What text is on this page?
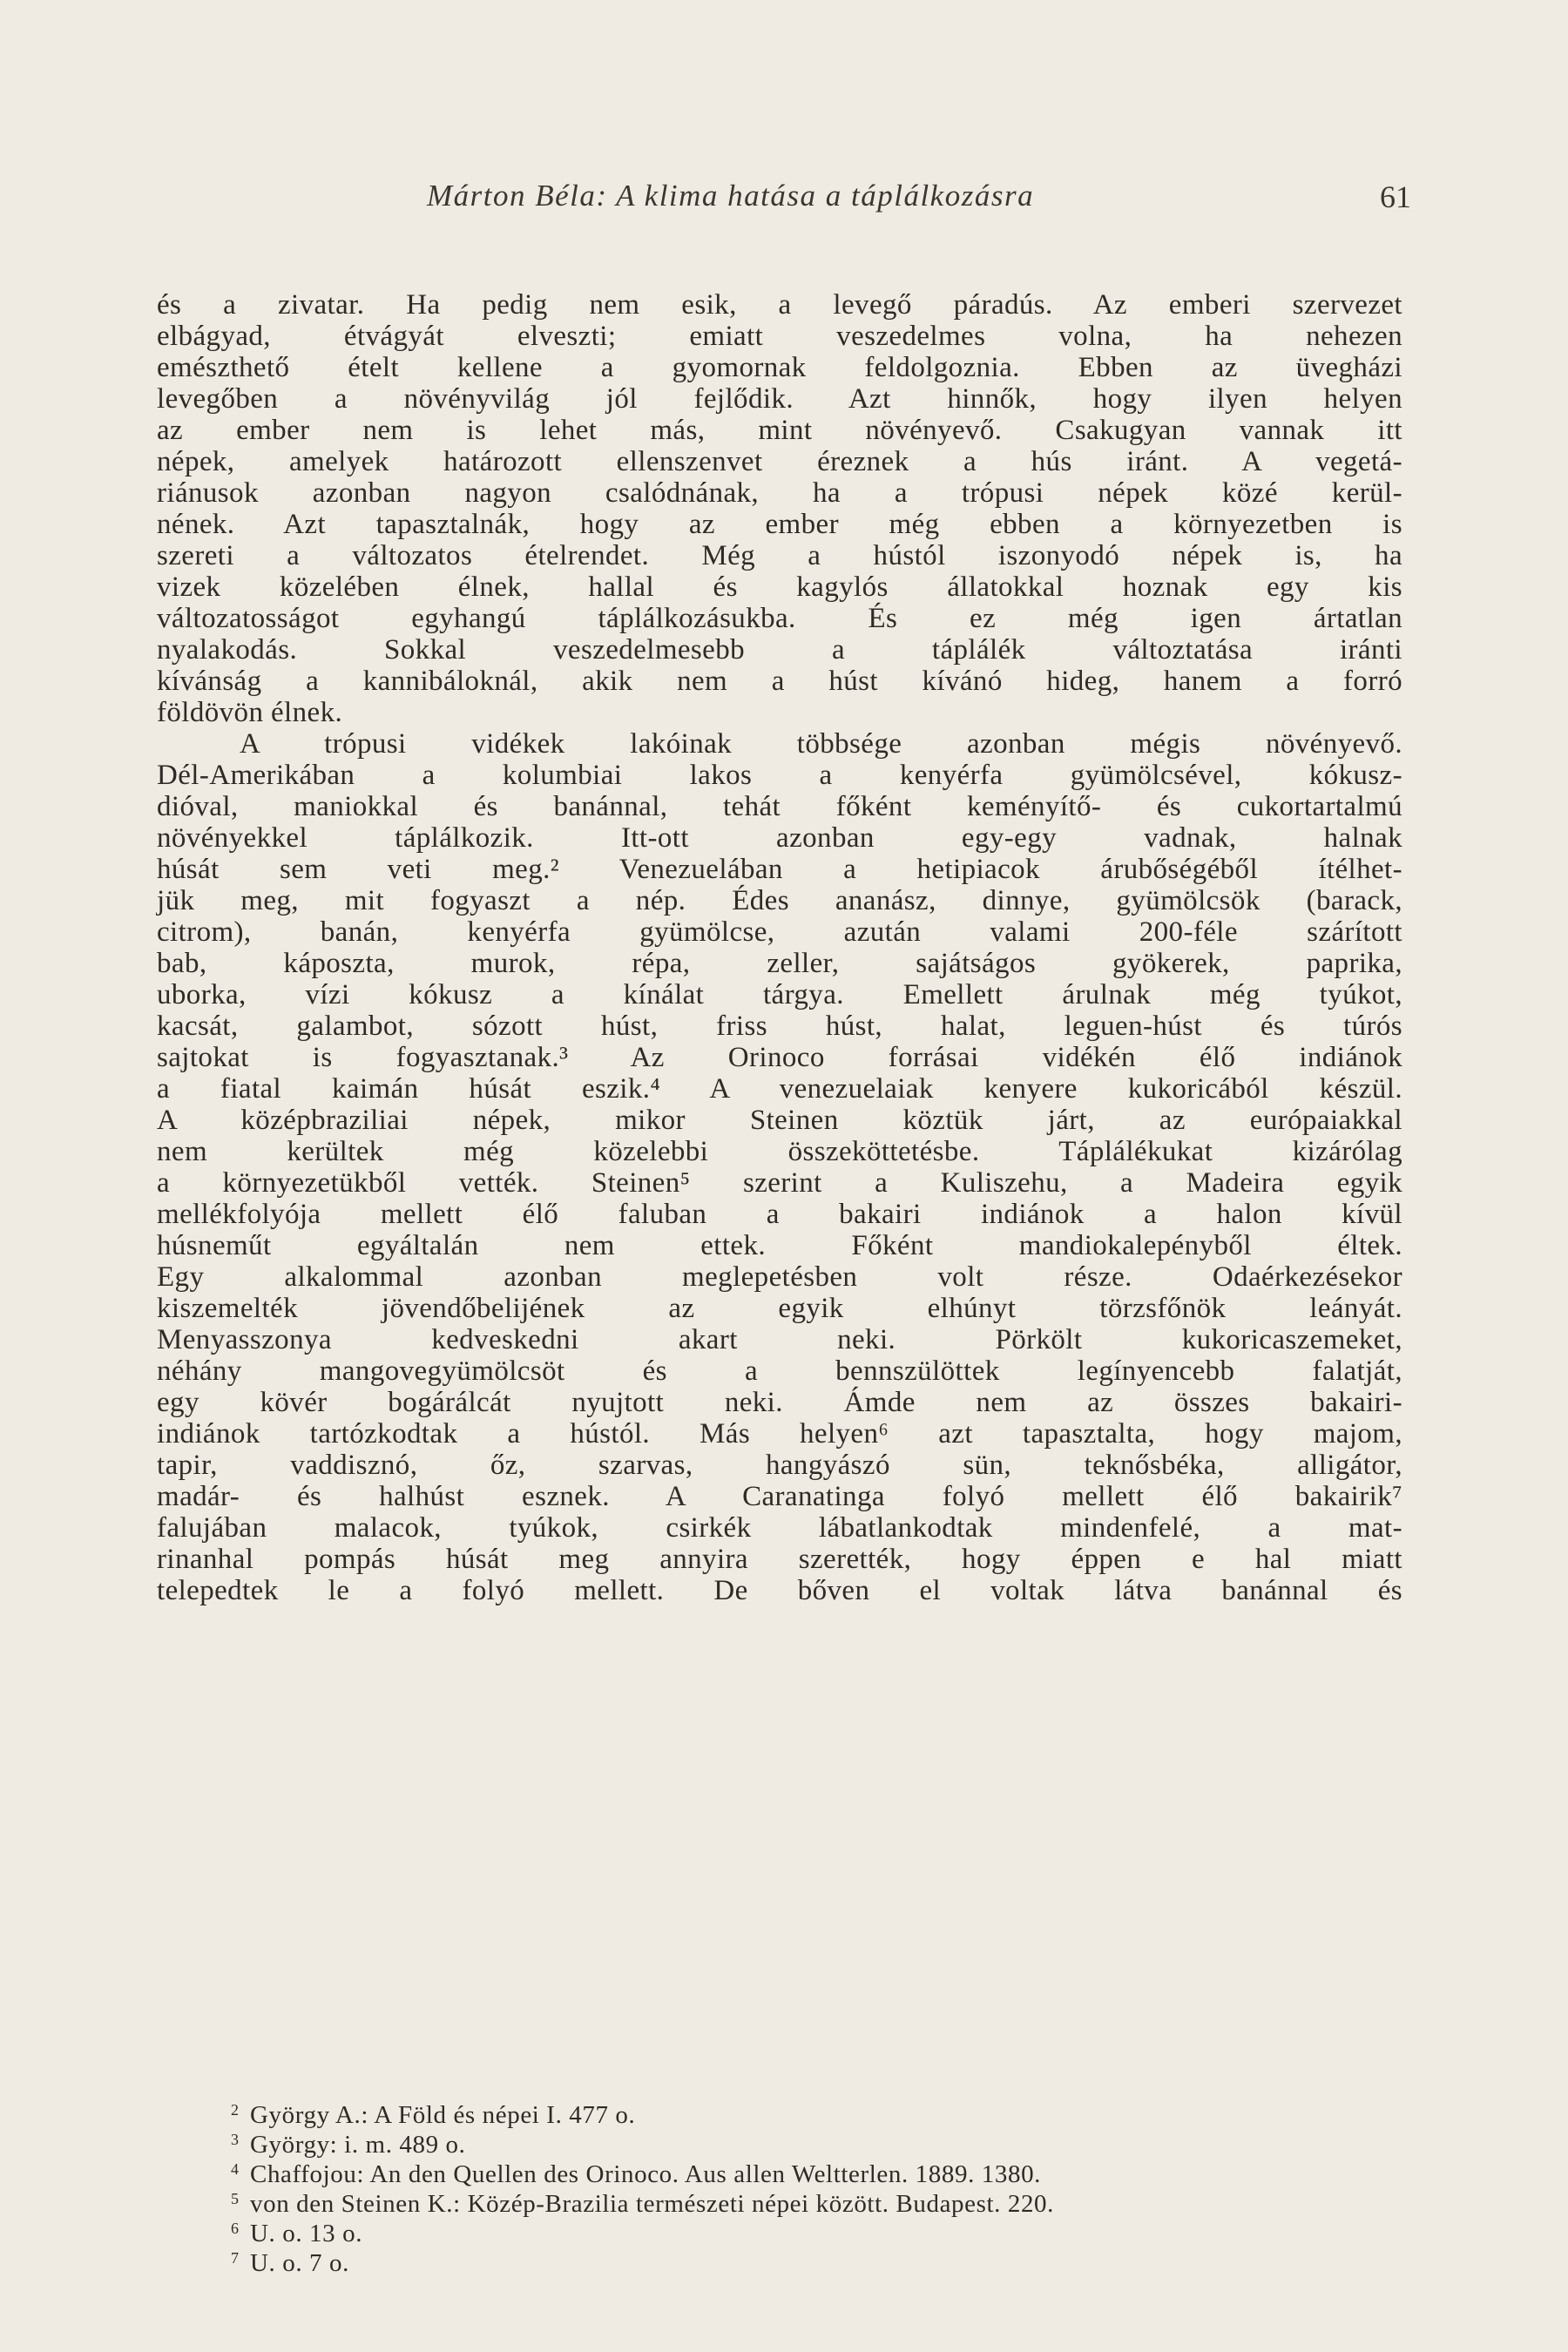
Márton Béla: A klima hatása a táplálkozásra	61
és a zivatar. Ha pedig nem esik, a levegő páradús. Az emberi szervezet
elbágyad, étvágyát elveszti; emiatt veszedelmes volna, ha nehezen
emészthető ételt kellene a gyomornak feldolgoznia. Ebben az üvegházi
levegőben a növényvilág jól fejlődik. Azt hinnők, hogy ilyen helyen
az ember nem is lehet más, mint növényevő. Csakugyan vannak itt
népek, amelyek határozott ellenszenvet éreznek a hús iránt. A vegetá-
riánusok azonban nagyon csalódnának, ha a trópusi népek közé kerül-
nének. Azt tapasztalnák, hogy az ember még ebben a környezetben is
szereti a változatos ételrendet. Még a hústól iszonyodó népek is, ha
vizek közelében élnek, hallal és kagylós állatokkal hoznak egy kis
változatosságot egyhangú táplálkozásukba. És ez még igen ártatlan
nyalakodás. Sokkal veszedelmesebb a táplálék változtatása iránti
kívánság a kannibáloknál, akik nem a húst kívánó hideg, hanem a forró
földövön élnek.
A trópusi vidékek lakóinak többsége azonban mégis növényevő.
Dél-Amerikában a kolumbiai lakos a kenyérfa gyümölcsével, kókusz-
dióval, maniokkal és banánnal, tehát főként keményítő- és cukortartalmú
növényekkel táplálkozik. Itt-ott azonban egy-egy vadnak, halnak
húsát sem veti meg.² Venezuelában a hetipiacok árubőségéből ítélhet-
jük meg, mit fogyaszt a nép. Édes ananász, dinnye, gyümölcsök (barack,
citrom), banán, kenyérfa gyümölcse, azután valami 200-féle szárított
bab, káposzta, murok, répa, zeller, sajátságos gyökerek, paprika,
uborka, vízi kókusz a kínálat tárgya. Emellett árulnak még tyúkot,
kacsát, galambot, sózott húst, friss húst, halat, leguen-húst és túrós
sajtokat is fogyasztanak.³ Az Orinoco forrásai vidékén élő indiánok
a fiatal kaimán húsát eszik.⁴ A venezuelaiak kenyere kukoricából készül.
A középbraziliai népek, mikor Steinen köztük járt, az európaiakkal
nem kerültek még közelebbi összeköttetésbe. Táplálékukat kizárólag
a környezetükből vették. Steinen⁵ szerint a Kuliszehu, a Madeira egyik
mellékfolyója mellett élő faluban a bakairi indiánok a halon kívül
húsneműt egyáltalán nem ettek. Főként mandiokalepényből éltek.
Egy alkalommal azonban meglepetésben volt része. Odaérkezésekor
kiszemelték jövendőbelijének az egyik elhúnyt törzsfőnök leányát.
Menyasszonya kedveskedni akart neki. Pörkölt kukoricaszemeket,
néhány mangovegyümölcsöt és a bennszülöttek legínyencebb falatját,
egy kövér bogárálcát nyujtott neki. Ámde nem az összes bakairi-
indiánok tartózkodtak a hústól. Más helyen⁶ azt tapasztalta, hogy majom,
tapir, vaddisznó, őz, szarvas, hangyászó sün, teknősbéka, alligátor,
madár- és halhúst esznek. A Caranatinga folyó mellett élő bakairik⁷
falujában malacok, tyúkok, csirkék lábatlankodtak mindenfelé, a mat-
rinanhal pompás húsát meg annyira szerették, hogy éppen e hal miatt
telepedtek le a folyó mellett. De bőven el voltak látva banánnal és
2 György A.: A Föld és népei I. 477 o.
3 György: i. m. 489 o.
4 Chaffojou: An den Quellen des Orinoco. Aus allen Weltterlen. 1889. 1380.
5 von den Steinen K.: Közép-Brazilia természeti népei között. Budapest. 220.
6 U. o. 13 o.
7 U. o. 7 o.
